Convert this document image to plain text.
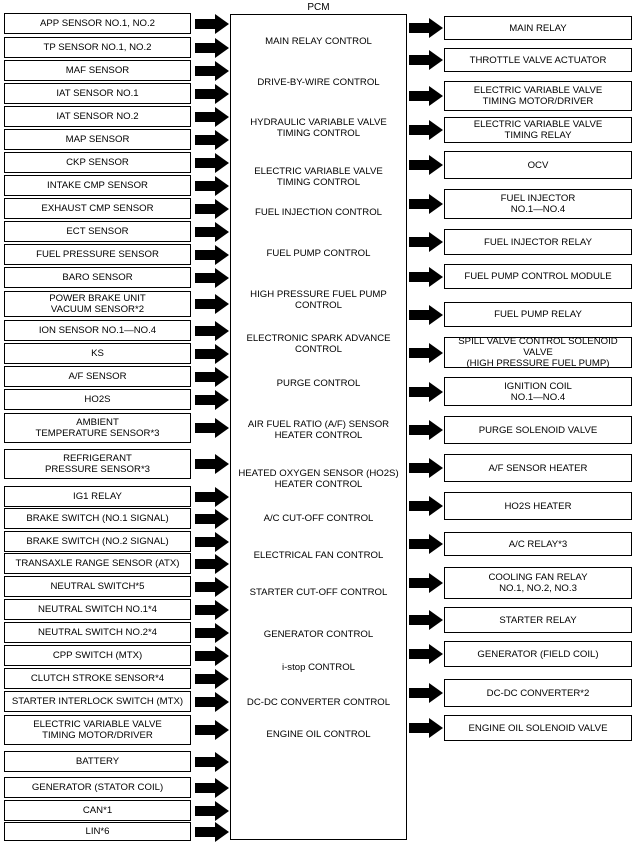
PCM
APP SENSOR NO.1, NO.2
TP SENSOR NO.1, NO.2
MAF SENSOR
IAT SENSOR NO.1
IAT SENSOR NO.2
MAP SENSOR
CKP SENSOR
INTAKE CMP SENSOR
EXHAUST CMP SENSOR
ECT SENSOR
FUEL PRESSURE SENSOR
BARO SENSOR
POWER BRAKE UNIT
VACUUM SENSOR*2
ION SENSOR NO.1—NO.4
KS
A/F SENSOR
HO2S
AMBIENT
TEMPERATURE SENSOR*3
REFRIGERANT
PRESSURE SENSOR*3
IG1 RELAY
BRAKE SWITCH (NO.1 SIGNAL)
BRAKE SWITCH (NO.2 SIGNAL)
TRANSAXLE RANGE SENSOR (ATX)
NEUTRAL SWITCH*5
NEUTRAL SWITCH NO.1*4
NEUTRAL SWITCH NO.2*4
CPP SWITCH (MTX)
CLUTCH STROKE SENSOR*4
STARTER INTERLOCK SWITCH (MTX)
ELECTRIC VARIABLE VALVE
TIMING MOTOR/DRIVER
BATTERY
GENERATOR (STATOR COIL)
CAN*1
LIN*6
MAIN RELAY
THROTTLE VALVE ACTUATOR
ELECTRIC VARIABLE VALVE
TIMING MOTOR/DRIVER
ELECTRIC VARIABLE VALVE
TIMING RELAY
OCV
FUEL INJECTOR
NO.1—NO.4
FUEL INJECTOR RELAY
FUEL PUMP CONTROL MODULE
FUEL PUMP RELAY
SPILL VALVE CONTROL SOLENOID VALVE
(HIGH PRESSURE FUEL PUMP)
IGNITION COIL
NO.1—NO.4
PURGE SOLENOID VALVE
A/F SENSOR HEATER
HO2S HEATER
A/C RELAY*3
COOLING FAN RELAY
NO.1, NO.2, NO.3
STARTER RELAY
GENERATOR (FIELD COIL)
DC-DC CONVERTER*2
ENGINE OIL SOLENOID VALVE
MAIN RELAY CONTROL
DRIVE-BY-WIRE CONTROL
HYDRAULIC VARIABLE VALVE
TIMING CONTROL
ELECTRIC VARIABLE VALVE
TIMING CONTROL
FUEL INJECTION CONTROL
FUEL PUMP CONTROL
HIGH PRESSURE FUEL PUMP
CONTROL
ELECTRONIC SPARK ADVANCE
CONTROL
PURGE CONTROL
AIR FUEL RATIO (A/F) SENSOR
HEATER CONTROL
HEATED OXYGEN SENSOR (HO2S)
HEATER CONTROL
A/C CUT-OFF CONTROL
ELECTRICAL FAN CONTROL
STARTER CUT-OFF CONTROL
GENERATOR CONTROL
i-stop CONTROL
DC-DC CONVERTER CONTROL
ENGINE OIL CONTROL
